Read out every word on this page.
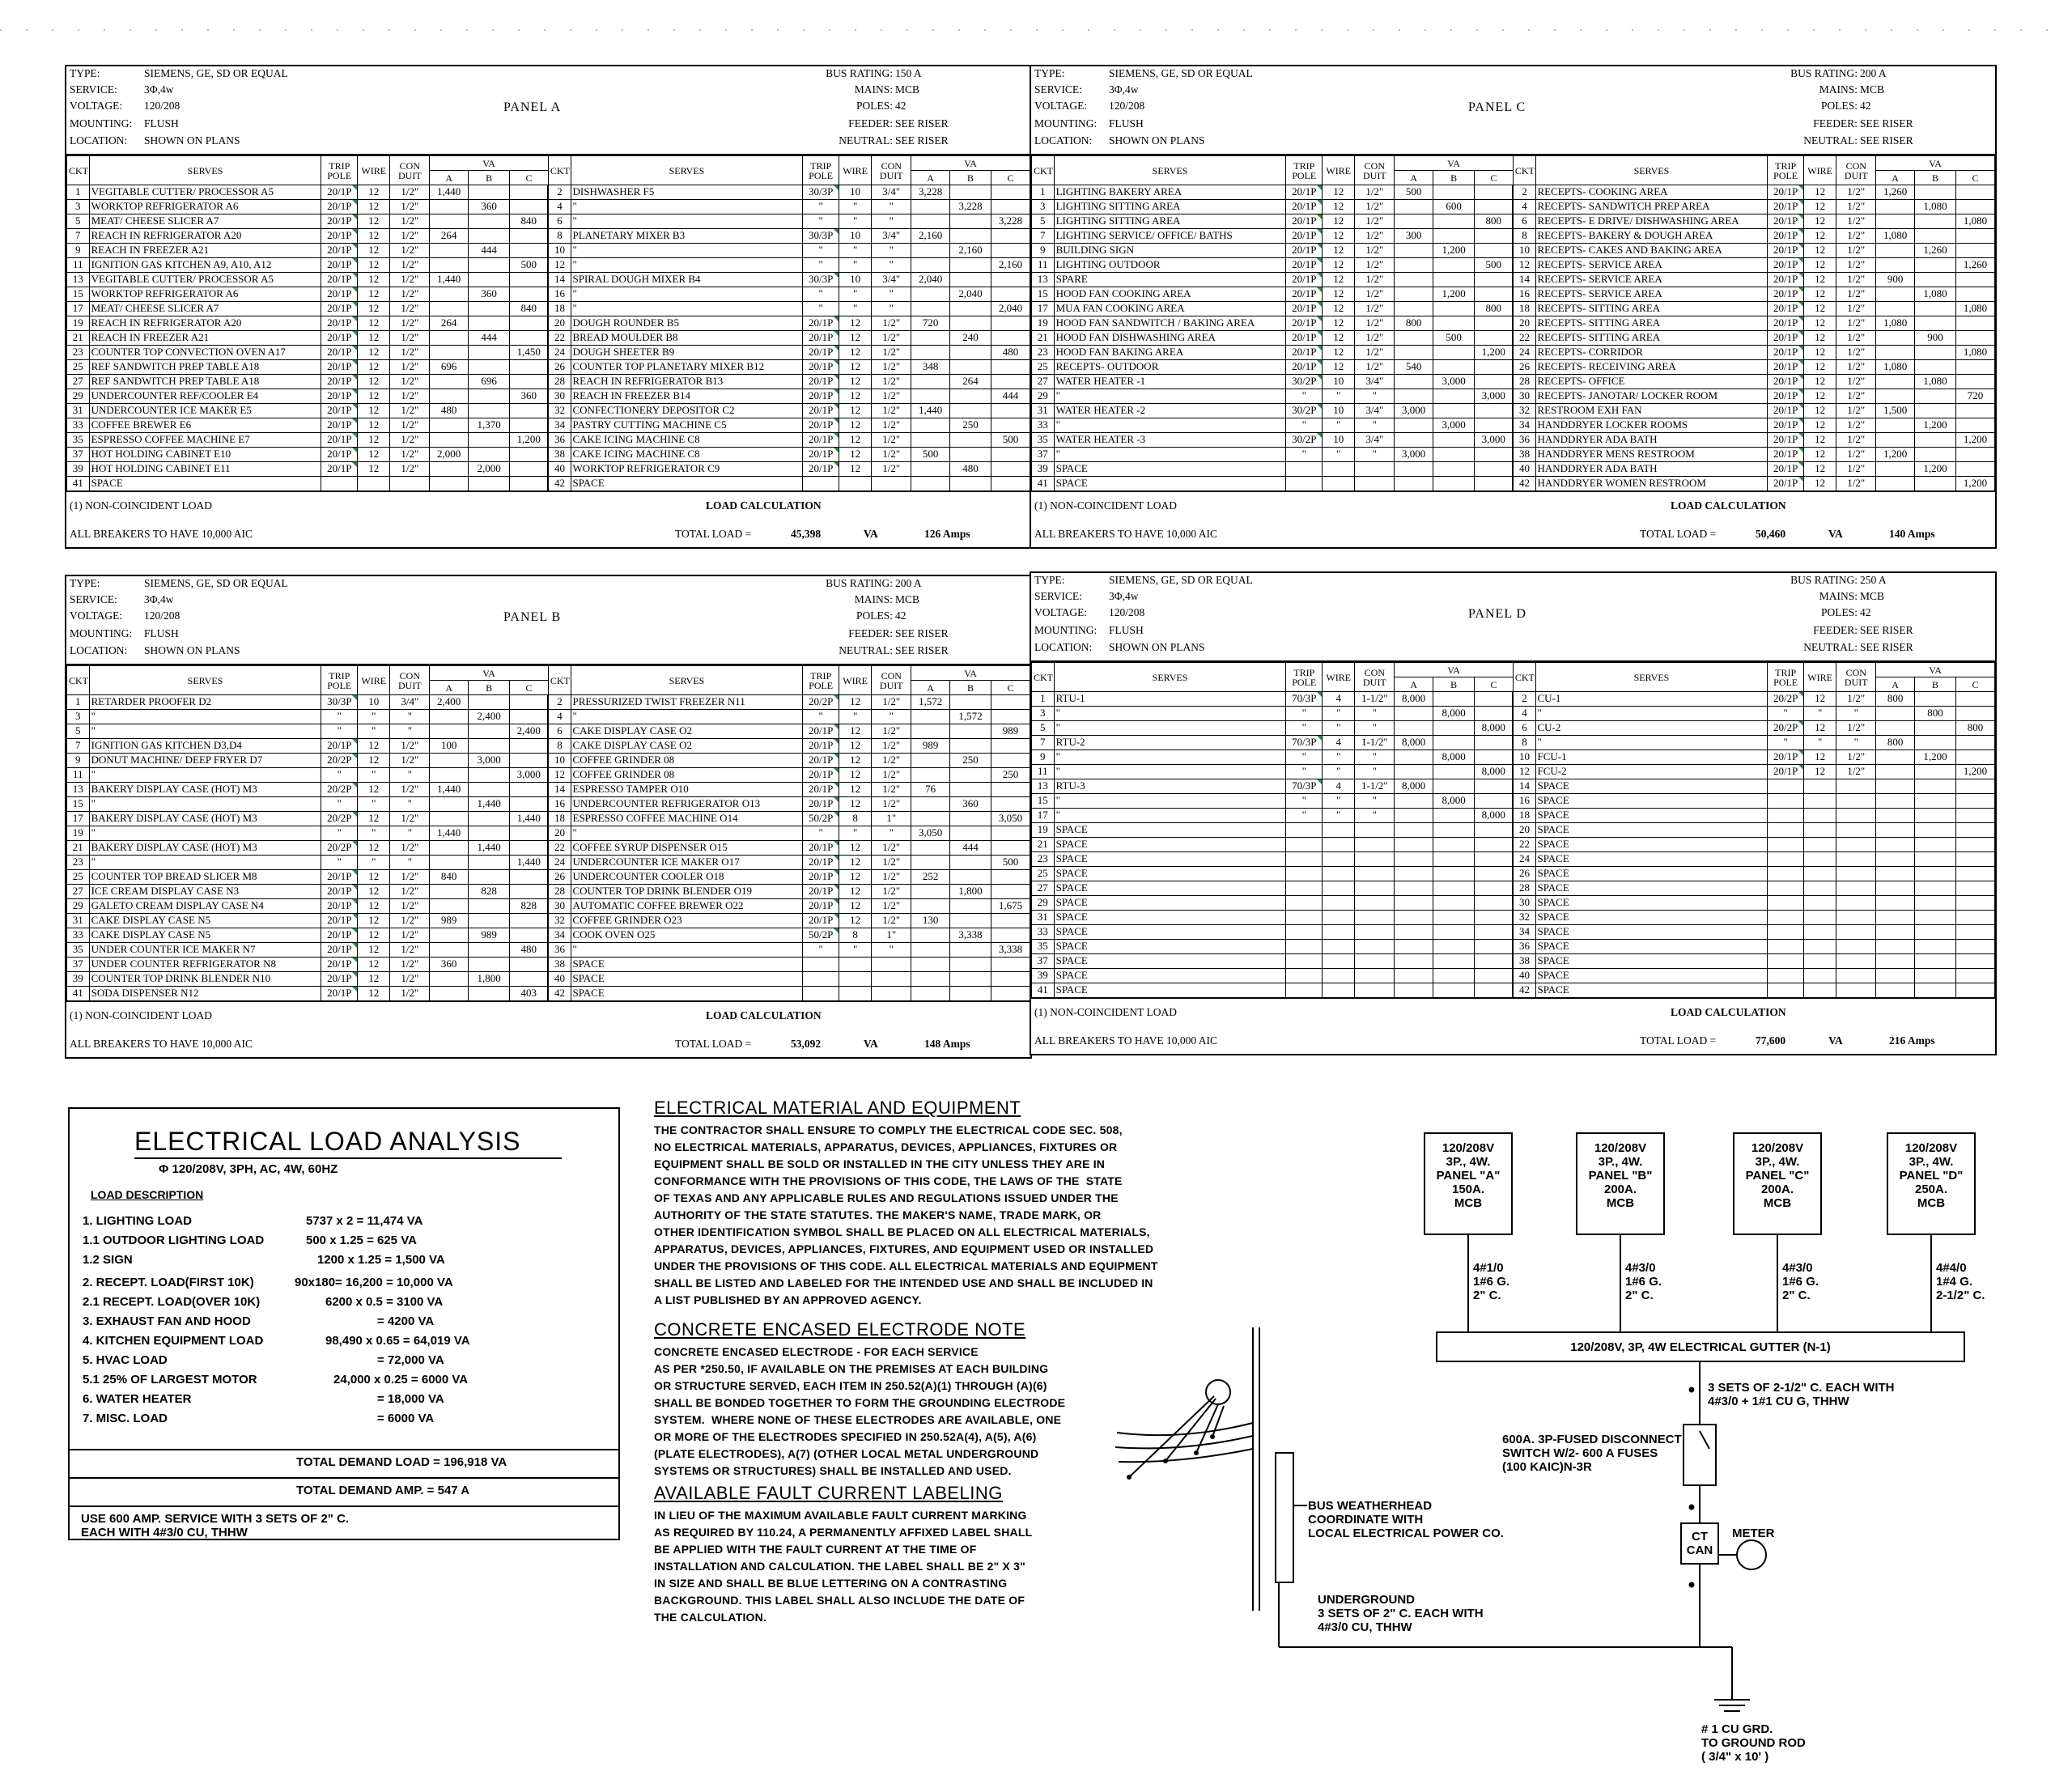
TYPE:	SIEMENS, GE, SD OR EQUAL
SERVICE: 3Φ,4w
VOLTAGE: 120/208
MOUNTING: FLUSH
LOCATION: SHOWN ON PLANS
BUS RATING: 150 A
MAINS: MCB
POLES: 42
FEEDER: SEE RISER
NEUTRAL: SEE RISER
PANEL A
CKT	SERVES	TRIP
POLE	WIRE	CON
DUIT	VA			CKT	SERVES	TRIP
POLE	WIRE	CON
DUIT	VA		
					A	B	C						A	B	C
1	VEGITABLE CUTTER/ PROCESSOR A5	20/1P	12	1/2"	1,440			2	DISHWASHER F5	30/3P	10	3/4"	3,228		
3	WORKTOP REFRIGERATOR A6	20/1P	12	1/2"		360		4	"	"	"	"		3,228	
5	MEAT/ CHEESE SLICER A7	20/1P	12	1/2"			840	6	"	"	"	"			3,228
7	REACH IN REFRIGERATOR A20	20/1P	12	1/2"	264			8	PLANETARY MIXER B3	30/3P	10	3/4"	2,160		
9	REACH IN FREEZER A21	20/1P	12	1/2"		444		10	"	"	"	"		2,160	
11	IGNITION GAS KITCHEN A9, A10, A12	20/1P	12	1/2"			500	12	"	"	"	"			2,160
13	VEGITABLE CUTTER/ PROCESSOR A5	20/1P	12	1/2"	1,440			14	SPIRAL DOUGH MIXER B4	30/3P	10	3/4"	2,040		
15	WORKTOP REFRIGERATOR A6	20/1P	12	1/2"		360		16	"	"	"	"		2,040	
17	MEAT/ CHEESE SLICER A7	20/1P	12	1/2"			840	18	"	"	"	"			2,040
19	REACH IN REFRIGERATOR A20	20/1P	12	1/2"	264			20	DOUGH ROUNDER B5	20/1P	12	1/2"	720		
21	REACH IN FREEZER A21	20/1P	12	1/2"		444		22	BREAD MOULDER B8	20/1P	12	1/2"		240	
23	COUNTER TOP CONVECTION OVEN A17	20/1P	12	1/2"			1,450	24	DOUGH SHEETER B9	20/1P	12	1/2"			480
25	REF SANDWITCH PREP TABLE A18	20/1P	12	1/2"	696			26	COUNTER TOP PLANETARY MIXER B12	20/1P	12	1/2"	348		
27	REF SANDWITCH PREP TABLE A18	20/1P	12	1/2"		696		28	REACH IN REFRIGERATOR B13	20/1P	12	1/2"		264	
29	UNDERCOUNTER REF/COOLER E4	20/1P	12	1/2"			360	30	REACH IN FREEZER B14	20/1P	12	1/2"			444
31	UNDERCOUNTER ICE MAKER E5	20/1P	12	1/2"	480			32	CONFECTIONERY DEPOSITOR C2	20/1P	12	1/2"	1,440		
33	COFFEE BREWER E6	20/1P	12	1/2"		1,370		34	PASTRY CUTTING MACHINE C5	20/1P	12	1/2"		250	
35	ESPRESSO COFFEE MACHINE E7	20/1P	12	1/2"			1,200	36	CAKE ICING MACHINE C8	20/1P	12	1/2"			500
37	HOT HOLDING CABINET E10	20/1P	12	1/2"	2,000			38	CAKE ICING MACHINE C8	20/1P	12	1/2"	500		
39	HOT HOLDING CABINET E11	20/1P	12	1/2"		2,000		40	WORKTOP REFRIGERATOR C9	20/1P	12	1/2"		480	
41	SPACE							42	SPACE						
(1) NON-COINCIDENT LOAD
ALL BREAKERS TO HAVE 10,000 AIC
LOAD CALCULATION
TOTAL LOAD =	45,398	VA	126 Amps
TYPE:	SIEMENS, GE, SD OR EQUAL
SERVICE: 3Φ,4w
VOLTAGE: 120/208
MOUNTING: FLUSH
LOCATION: SHOWN ON PLANS
BUS RATING: 200 A
MAINS: MCB
POLES: 42
FEEDER: SEE RISER
NEUTRAL: SEE RISER
PANEL C
CKT	SERVES	TRIP
POLE	WIRE	CON
DUIT	VA			CKT	SERVES	TRIP
POLE	WIRE	CON
DUIT	VA		
					A	B	C						A	B	C
1	LIGHTING BAKERY AREA	20/1P	12	1/2"	500			2	RECEPTS- COOKING AREA	20/1P	12	1/2"	1,260		
3	LIGHTING SITTING AREA	20/1P	12	1/2"		600		4	RECEPTS- SANDWITCH PREP AREA	20/1P	12	1/2"		1,080	
5	LIGHTING SITTING AREA	20/1P	12	1/2"			800	6	RECEPTS- E DRIVE/ DISHWASHING AREA	20/1P	12	1/2"			1,080
7	LIGHTING SERVICE/ OFFICE/ BATHS	20/1P	12	1/2"	300			8	RECEPTS- BAKERY & DOUGH AREA	20/1P	12	1/2"	1,080		
9	BUILDING SIGN	20/1P	12	1/2"		1,200		10	RECEPTS- CAKES AND BAKING AREA	20/1P	12	1/2"		1,260	
11	LIGHTING OUTDOOR	20/1P	12	1/2"			500	12	RECEPTS- SERVICE AREA	20/1P	12	1/2"			1,260
13	SPARE	20/1P	12	1/2"				14	RECEPTS- SERVICE AREA	20/1P	12	1/2"	900		
15	HOOD FAN COOKING AREA	20/1P	12	1/2"		1,200		16	RECEPTS- SERVICE AREA	20/1P	12	1/2"		1,080	
17	MUA FAN COOKING AREA	20/1P	12	1/2"			800	18	RECEPTS- SITTING AREA	20/1P	12	1/2"			1,080
19	HOOD FAN SANDWITCH / BAKING AREA	20/1P	12	1/2"	800			20	RECEPTS- SITTING AREA	20/1P	12	1/2"	1,080		
21	HOOD FAN DISHWASHING AREA	20/1P	12	1/2"		500		22	RECEPTS- SITTING AREA	20/1P	12	1/2"		900	
23	HOOD FAN BAKING AREA	20/1P	12	1/2"			1,200	24	RECEPTS- CORRIDOR	20/1P	12	1/2"			1,080
25	RECEPTS- OUTDOOR	20/1P	12	1/2"	540			26	RECEPTS- RECEIVING AREA	20/1P	12	1/2"	1,080		
27	WATER HEATER -1	30/2P	10	3/4"		3,000		28	RECEPTS- OFFICE	20/1P	12	1/2"		1,080	
29	"	"	"	"			3,000	30	RECEPTS- JANOTAR/ LOCKER ROOM	20/1P	12	1/2"			720
31	WATER HEATER -2	30/2P	10	3/4"	3,000			32	RESTROOM EXH FAN	20/1P	12	1/2"	1,500		
33	"	"	"	"		3,000		34	HANDDRYER LOCKER ROOMS	20/1P	12	1/2"		1,200	
35	WATER HEATER -3	30/2P	10	3/4"			3,000	36	HANDDRYER ADA BATH	20/1P	12	1/2"			1,200
37	"	"	"	"	3,000			38	HANDDRYER MENS RESTROOM	20/1P	12	1/2"	1,200		
39	SPACE							40	HANDDRYER ADA BATH	20/1P	12	1/2"		1,200	
41	SPACE							42	HANDDRYER WOMEN RESTROOM	20/1P	12	1/2"			1,200
(1) NON-COINCIDENT LOAD
ALL BREAKERS TO HAVE 10,000 AIC
LOAD CALCULATION
TOTAL LOAD =	50,460	VA	140 Amps
TYPE:	SIEMENS, GE, SD OR EQUAL
SERVICE: 3Φ,4w
VOLTAGE: 120/208
MOUNTING: FLUSH
LOCATION: SHOWN ON PLANS
BUS RATING: 200 A
MAINS: MCB
POLES: 42
FEEDER: SEE RISER
NEUTRAL: SEE RISER
PANEL B
CKT	SERVES	TRIP
POLE	WIRE	CON
DUIT	VA			CKT	SERVES	TRIP
POLE	WIRE	CON
DUIT	VA		
					A	B	C						A	B	C
1	RETARDER PROOFER D2	30/3P	10	3/4"	2,400			2	PRESSURIZED TWIST FREEZER N11	20/2P	12	1/2"	1,572		
3	"	"	"	"		2,400		4	"	"	"	"		1,572	
5	"	"	"	"			2,400	6	CAKE DISPLAY CASE O2	20/1P	12	1/2"			989
7	IGNITION GAS KITCHEN D3,D4	20/1P	12	1/2"	100			8	CAKE DISPLAY CASE O2	20/1P	12	1/2"	989		
9	DONUT MACHINE/ DEEP FRYER D7	20/2P	12	1/2"		3,000		10	COFFEE GRINDER 08	20/1P	12	1/2"		250	
11	"	"	"	"			3,000	12	COFFEE GRINDER 08	20/1P	12	1/2"			250
13	BAKERY DISPLAY CASE (HOT) M3	20/2P	12	1/2"	1,440			14	ESPRESSO TAMPER O10	20/1P	12	1/2"	76		
15	"	"	"	"		1,440		16	UNDERCOUNTER REFRIGERATOR O13	20/1P	12	1/2"		360	
17	BAKERY DISPLAY CASE (HOT) M3	20/2P	12	1/2"			1,440	18	ESPRESSO COFFEE MACHINE O14	50/2P	8	1"			3,050
19	"	"	"	"	1,440			20	"	"	"	"	3,050		
21	BAKERY DISPLAY CASE (HOT) M3	20/2P	12	1/2"		1,440		22	COFFEE SYRUP DISPENSER O15	20/1P	12	1/2"		444	
23	"	"	"	"			1,440	24	UNDERCOUNTER ICE MAKER O17	20/1P	12	1/2"			500
25	COUNTER TOP BREAD SLICER M8	20/1P	12	1/2"	840			26	UNDERCOUNTER COOLER O18	20/1P	12	1/2"	252		
27	ICE CREAM DISPLAY CASE N3	20/1P	12	1/2"		828		28	COUNTER TOP DRINK BLENDER O19	20/1P	12	1/2"		1,800	
29	GALETO CREAM DISPLAY CASE N4	20/1P	12	1/2"			828	30	AUTOMATIC COFFEE BREWER O22	20/1P	12	1/2"			1,675
31	CAKE DISPLAY CASE N5	20/1P	12	1/2"	989			32	COFFEE GRINDER O23	20/1P	12	1/2"	130		
33	CAKE DISPLAY CASE N5	20/1P	12	1/2"		989		34	COOK OVEN O25	50/2P	8	1"		3,338	
35	UNDER COUNTER ICE MAKER N7	20/1P	12	1/2"			480	36	"	"	"	"			3,338
37	UNDER COUNTER REFRIGERATOR N8	20/1P	12	1/2"	360			38	SPACE						
39	COUNTER TOP DRINK BLENDER N10	20/1P	12	1/2"		1,800		40	SPACE						
41	SODA DISPENSER N12	20/1P	12	1/2"			403	42	SPACE						
(1) NON-COINCIDENT LOAD
ALL BREAKERS TO HAVE 10,000 AIC
LOAD CALCULATION
TOTAL LOAD =	53,092	VA	148 Amps
TYPE:	SIEMENS, GE, SD OR EQUAL
SERVICE: 3Φ,4w
VOLTAGE: 120/208
MOUNTING: FLUSH
LOCATION: SHOWN ON PLANS
BUS RATING: 250 A
MAINS: MCB
POLES: 42
FEEDER: SEE RISER
NEUTRAL: SEE RISER
PANEL D
CKT	SERVES	TRIP
POLE	WIRE	CON
DUIT	VA			CKT	SERVES	TRIP
POLE	WIRE	CON
DUIT	VA		
					A	B	C						A	B	C
1	RTU-1	70/3P	4	1-1/2"	8,000			2	CU-1	20/2P	12	1/2"	800		
3	"	"	"	"		8,000		4	"	"	"	"		800	
5	"	"	"	"			8,000	6	CU-2	20/2P	12	1/2"			800
7	RTU-2	70/3P	4	1-1/2"	8,000			8	"	"	"	"	800		
9	"	"	"	"		8,000		10	FCU-1	20/1P	12	1/2"		1,200	
11	"	"	"	"			8,000	12	FCU-2	20/1P	12	1/2"			1,200
13	RTU-3	70/3P	4	1-1/2"	8,000			14	SPACE						
15	"	"	"	"		8,000		16	SPACE						
17	"	"	"	"			8,000	18	SPACE						
19	SPACE							20	SPACE						
21	SPACE							22	SPACE						
23	SPACE							24	SPACE						
25	SPACE							26	SPACE						
27	SPACE							28	SPACE						
29	SPACE							30	SPACE						
31	SPACE							32	SPACE						
33	SPACE							34	SPACE						
35	SPACE							36	SPACE						
37	SPACE							38	SPACE						
39	SPACE							40	SPACE						
41	SPACE							42	SPACE						
(1) NON-COINCIDENT LOAD
ALL BREAKERS TO HAVE 10,000 AIC
LOAD CALCULATION
TOTAL LOAD =	77,600	VA	216 Amps
ELECTRICAL LOAD ANALYSIS
Φ 120/208V, 3PH, AC, 4W, 60HZ
LOAD DESCRIPTION
1. LIGHTING LOAD	5737 x 2 = 11,474 VA
1.1 OUTDOOR LIGHTING LOAD	500 x 1.25 = 625 VA
1.2 SIGN	1200 x 1.25 = 1,500 VA
2. RECEPT. LOAD(FIRST 10K)	90x180= 16,200 = 10,000 VA
2.1 RECEPT. LOAD(OVER 10K)	6200 x 0.5 = 3100 VA
3. EXHAUST FAN AND HOOD	= 4200 VA
4. KITCHEN EQUIPMENT LOAD	98,490 x 0.65 = 64,019 VA
5. HVAC LOAD	= 72,000 VA
5.1 25% OF LARGEST MOTOR	24,000 x 0.25 = 6000 VA
6. WATER HEATER	= 18,000 VA
7. MISC. LOAD	= 6000 VA
TOTAL DEMAND LOAD = 196,918 VA
TOTAL DEMAND AMP. = 547 A
USE 600 AMP. SERVICE WITH 3 SETS OF 2" C.
EACH WITH 4#3/0 CU, THHW
ELECTRICAL MATERIAL AND EQUIPMENT
THE CONTRACTOR SHALL ENSURE TO COMPLY THE ELECTRICAL CODE SEC. 508,
NO ELECTRICAL MATERIALS, APPARATUS, DEVICES, APPLIANCES, FIXTURES OR
EQUIPMENT SHALL BE SOLD OR INSTALLED IN THE CITY UNLESS THEY ARE IN
CONFORMANCE WITH THE PROVISIONS OF THIS CODE, THE LAWS OF THE  STATE
OF TEXAS AND ANY APPLICABLE RULES AND REGULATIONS ISSUED UNDER THE
AUTHORITY OF THE STATE STATUTES. THE MAKER'S NAME, TRADE MARK, OR
OTHER IDENTIFICATION SYMBOL SHALL BE PLACED ON ALL ELECTRICAL MATERIALS,
APPARATUS, DEVICES, APPLIANCES, FIXTURES, AND EQUIPMENT USED OR INSTALLED
UNDER THE PROVISIONS OF THIS CODE. ALL ELECTRICAL MATERIALS AND EQUIPMENT
SHALL BE LISTED AND LABELED FOR THE INTENDED USE AND SHALL BE INCLUDED IN
A LIST PUBLISHED BY AN APPROVED AGENCY.
CONCRETE ENCASED ELECTRODE NOTE
CONCRETE ENCASED ELECTRODE - FOR EACH SERVICE
AS PER *250.50, IF AVAILABLE ON THE PREMISES AT EACH BUILDING
OR STRUCTURE SERVED, EACH ITEM IN 250.52(A)(1) THROUGH (A)(6)
SHALL BE BONDED TOGETHER TO FORM THE GROUNDING ELECTRODE
SYSTEM.  WHERE NONE OF THESE ELECTRODES ARE AVAILABLE, ONE
OR MORE OF THE ELECTRODES SPECIFIED IN 250.52A(4), A(5), A(6)
(PLATE ELECTRODES), A(7) (OTHER LOCAL METAL UNDERGROUND
SYSTEMS OR STRUCTURES) SHALL BE INSTALLED AND USED.
AVAILABLE FAULT CURRENT LABELING
IN LIEU OF THE MAXIMUM AVAILABLE FAULT CURRENT MARKING
AS REQUIRED BY 110.24, A PERMANENTLY AFFIXED LABEL SHALL
BE APPLIED WITH THE FAULT CURRENT AT THE TIME OF
INSTALLATION AND CALCULATION. THE LABEL SHALL BE 2" X 3"
IN SIZE AND SHALL BE BLUE LETTERING ON A CONTRASTING
BACKGROUND. THIS LABEL SHALL ALSO INCLUDE THE DATE OF
THE CALCULATION.
120/208V
3P., 4W.
PANEL "A"
150A.
MCB
120/208V
3P., 4W.
PANEL "B"
200A.
MCB
120/208V
3P., 4W.
PANEL "C"
200A.
MCB
120/208V
3P., 4W.
PANEL "D"
250A.
MCB
4#1/0
1#6 G.
2" C.
4#3/0
1#6 G.
2" C.
4#3/0
1#6 G.
2" C.
4#4/0
1#4 G.
2-1/2" C.
120/208V, 3P, 4W ELECTRICAL GUTTER (N-1)
3 SETS OF 2-1/2" C. EACH WITH
4#3/0 + 1#1 CU G, THHW
600A. 3P-FUSED DISCONNECT
SWITCH W/2- 600 A FUSES
(100 KAIC)N-3R
CT
CAN
METER
BUS WEATHERHEAD
COORDINATE WITH
LOCAL ELECTRICAL POWER CO.
UNDERGROUND
3 SETS OF 2" C. EACH WITH
4#3/0 CU, THHW
# 1 CU GRD.
TO GROUND ROD
( 3/4" x 10' )
